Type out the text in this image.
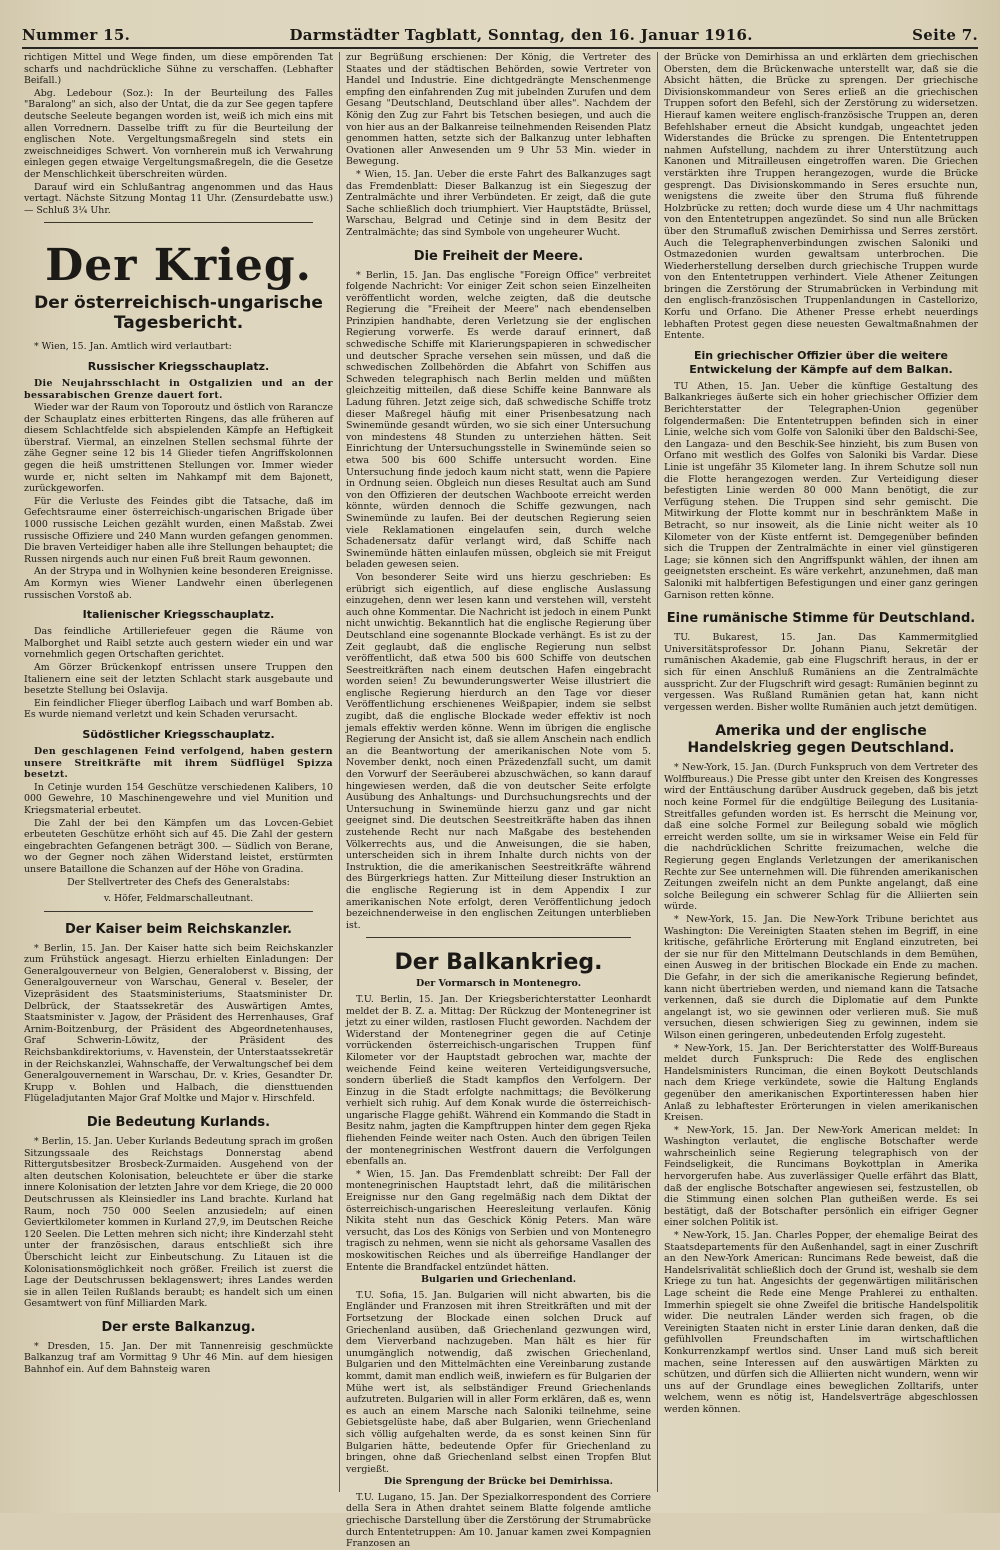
Nummer 15.	Darmstädter Tagblatt, Sonntag, den 16. Januar 1916.	Seite 7.

richtigen Mittel und Wege finden, um diese empörenden Tat scharfs und nachdrückliche Sühne zu verschaffen. (Lebhafter Beifall.)

Abg. Ledebour (Soz.): In der Beurteilung des Falles "Baralong" an sich, also der Untat, die da zur See gegen tapfere deutsche Seeleute begangen worden ist, weiß ich mich eins mit allen Vorrednern. Dasselbe trifft zu für die Beurteilung der englischen Note. Vergeltungsmaßregeln sind stets ein zweischneidiges Schwert. Von vornherein muß ich Verwahrung einlegen gegen etwaige Vergeltungsmaßregeln, die die Gesetze der Menschlichkeit überschreiten würden.

Darauf wird ein Schlußantrag angenommen und das Haus vertagt. Nächste Sitzung Montag 11 Uhr. (Zensurdebatte usw.) — Schluß 3¼ Uhr.

Der Krieg.
Der österreichisch-ungarische Tagesbericht.

* Wien, 15. Jan. Amtlich wird verlautbart:

Russischer Kriegsschauplatz.

Die Neujahrsschlacht in Ostgalizien und an der bessarabischen Grenze dauert fort.

Wieder war der Raum von Toporoutz und östlich von Rarancze der Schauplatz eines erbitterten Ringens, das alle früheren auf diesem Schlachtfelde sich abspielenden Kämpfe an Heftigkeit überstraf. Viermal, an einzelnen Stellen sechsmal führte der zähe Gegner seine 12 bis 14 Glieder tiefen Angriffskolonnen gegen die heiß umstrittenen Stellungen vor. Immer wieder wurde er, nicht selten im Nahkampf mit dem Bajonett, zurückgeworfen.

Für die Verluste des Feindes gibt die Tatsache, daß im Gefechtsraume einer österreichisch-ungarischen Brigade über 1000 russische Leichen gezählt wurden, einen Maßstab. Zwei russische Offiziere und 240 Mann wurden gefangen genommen. Die braven Verteidiger haben alle ihre Stellungen behauptet; die Russen nirgends auch nur einen Fuß breit Raum gewonnen.

An der Strypa und in Wolhynien keine besonderen Ereignisse. Am Kormyn wies Wiener Landwehr einen überlegenen russischen Vorstoß ab.

Italienischer Kriegsschauplatz.

Das feindliche Artilleriefeuer gegen die Räume von Malborghet und Raibl setzte auch gestern wieder ein und war vornehmlich gegen Ortschaften gerichtet.

Am Görzer Brückenkopf entrissen unsere Truppen den Italienern eine seit der letzten Schlacht stark ausgebaute und besetzte Stellung bei Oslavija.

Ein feindlicher Flieger überflog Laibach und warf Bomben ab. Es wurde niemand verletzt und kein Schaden verursacht.

Südöstlicher Kriegsschauplatz.

Den geschlagenen Feind verfolgend, haben gestern unsere Streitkräfte mit ihrem Südflügel Spizza besetzt.

In Cetinje wurden 154 Geschütze verschiedenen Kalibers, 10 000 Gewehre, 10 Maschinengewehre und viel Munition und Kriegsmaterial erbeutet.

Die Zahl der bei den Kämpfen um das Lovcen-Gebiet erbeuteten Geschütze erhöht sich auf 45. Die Zahl der gestern eingebrachten Gefangenen beträgt 300. — Südlich von Berane, wo der Gegner noch zähen Widerstand leistet, erstürmten unsere Bataillone die Schanzen auf der Höhe von Gradina.

Der Stellvertreter des Chefs des Generalstabs:
v. Höfer, Feldmarschalleutnant.
Der Kaiser beim Reichskanzler.

* Berlin, 15. Jan. Der Kaiser hatte sich beim Reichskanzler zum Frühstück angesagt. Hierzu erhielten Einladungen: Der Generalgouverneur von Belgien, Generaloberst v. Bissing, der Generalgouverneur von Warschau, General v. Beseler, der Vizepräsident des Staatsministeriums, Staatsminister Dr. Delbrück, der Staatssekretär des Auswärtigen Amtes, Staatsminister v. Jagow, der Präsident des Herrenhauses, Graf Arnim-Boitzenburg, der Präsident des Abgeordnetenhauses, Graf Schwerin-Löwitz, der Präsident des Reichsbankdirektoriums, v. Havenstein, der Unterstaatssekretär in der Reichskanzlei, Wahnschaffe, der Verwaltungschef bei dem Generalgouvernement in Warschau, Dr. v. Kries, Gesandter Dr. Krupp v. Bohlen und Halbach, die diensttuenden Flügeladjutanten Major Graf Moltke und Major v. Hirschfeld.

Die Bedeutung Kurlands.

* Berlin, 15. Jan. Ueber Kurlands Bedeutung sprach im großen Sitzungssaale des Reichstags Donnerstag abend Rittergutsbesitzer Brosbeck-Zurmaiden. Ausgehend von der alten deutschen Kolonisation, beleuchtete er über die starke innere Kolonisation der letzten Jahre vor dem Kriege, die 20 000 Deutschrussen als Kleinsiedler ins Land brachte. Kurland hat Raum, noch 750 000 Seelen anzusiedeln; auf einen Geviertkilometer kommen in Kurland 27,9, im Deutschen Reiche 120 Seelen. Die Letten mehren sich nicht; ihre Kinderzahl steht unter der französischen, daraus entschließt sich ihre Überschicht leicht zur Einbeutschung. Zu Litauen ist die Kolonisationsmöglichkeit noch größer. Freilich ist zuerst die Lage der Deutschrussen beklagenswert; ihres Landes werden sie in allen Teilen Rußlands beraubt; es handelt sich um einen Gesamtwert von fünf Milliarden Mark.

Der erste Balkanzug.

* Dresden, 15. Jan. Der mit Tannenreisig geschmückte Balkanzug traf am Vormittag 9 Uhr 46 Min. auf dem hiesigen Bahnhof ein. Auf dem Bahnsteig waren

zur Begrüßung erschienen: Der König, die Vertreter des Staates und der städtischen Behörden, sowie Vertreter von Handel und Industrie. Eine dichtgedrängte Menschenmenge empfing den einfahrenden Zug mit jubelnden Zurufen und dem Gesang "Deutschland, Deutschland über alles". Nachdem der König den Zug zur Fahrt bis Tetschen besiegen, und auch die von hier aus an der Balkanreise teilnehmenden Reisenden Platz genommen hatten, setzte sich der Balkanzug unter lebhaften Ovationen aller Anwesenden um 9 Uhr 53 Min. wieder in Bewegung.

* Wien, 15. Jan. Ueber die erste Fahrt des Balkanzuges sagt das Fremdenblatt: Dieser Balkanzug ist ein Siegeszug der Zentralmächte und ihrer Verbündeten. Er zeigt, daß die gute Sache schließlich doch triumphiert. Vier Hauptstädte, Brüssel, Warschau, Belgrad und Cetinje sind in dem Besitz der Zentralmächte; das sind Symbole von ungeheurer Wucht.

Die Freiheit der Meere.

* Berlin, 15. Jan. Das englische "Foreign Office" verbreitet folgende Nachricht: Vor einiger Zeit schon seien Einzelheiten veröffentlicht worden, welche zeigten, daß die deutsche Regierung die "Freiheit der Meere" nach ebendenselben Prinzipien handhabte, deren Verletzung sie der englischen Regierung vorwerfe. Es werde darauf erinnert, daß schwedische Schiffe mit Klarierungspapieren in schwedischer und deutscher Sprache versehen sein müssen, und daß die schwedischen Zollbehörden die Abfahrt von Schiffen aus Schweden telegraphisch nach Berlin melden und müßten gleichzeitig mitteilen, daß diese Schiffe keine Bannware als Ladung führen. Jetzt zeige sich, daß schwedische Schiffe trotz dieser Maßregel häufig mit einer Prisenbesatzung nach Swinemünde gesandt würden, wo sie sich einer Untersuchung von mindestens 48 Stunden zu unterziehen hätten. Seit Einrichtung der Untersuchungsstelle in Swinemünde seien so etwa 500 bis 600 Schiffe untersucht worden. Eine Untersuchung finde jedoch kaum nicht statt, wenn die Papiere in Ordnung seien. Obgleich nun dieses Resultat auch am Sund von den Offizieren der deutschen Wachboote erreicht werden könnte, würden dennoch die Schiffe gezwungen, nach Swinemünde zu laufen. Bei der deutschen Regierung seien viele Reklamationen eingelaufen sein, durch welche Schadenersatz dafür verlangt wird, daß Schiffe nach Swinemünde hätten einlaufen müssen, obgleich sie mit Freigut beladen gewesen seien.

Von besonderer Seite wird uns hierzu geschrieben: Es erübrigt sich eigentlich, auf diese englische Auslassung einzugehen, denn wer lesen kann und verstehen will, versteht auch ohne Kommentar. Die Nachricht ist jedoch in einem Punkt nicht unwichtig. Bekanntlich hat die englische Regierung über Deutschland eine sogenannte Blockade verhängt. Es ist zu der Zeit geglaubt, daß die englische Regierung nun selbst veröffentlicht, daß etwa 500 bis 600 Schiffe von deutschen Seestreitkräften nach einem deutschen Hafen eingebracht worden seien! Zu bewunderungswerter Weise illustriert die englische Regierung hierdurch an den Tage vor dieser Veröffentlichung erschienenes Weißpapier, indem sie selbst zugibt, daß die englische Blockade weder effektiv ist noch jemals effektiv werden könne. Wenn im übrigen die englische Regierung der Ansicht ist, daß sie allem Anschein nach endlich an die Beantwortung der amerikanischen Note vom 5. November denkt, noch einen Präzedenzfall sucht, um damit den Vorwurf der Seeräuberei abzuschwächen, so kann darauf hingewiesen werden, daß die von deutscher Seite erfolgte Ausübung des Anhaltungs- und Durchsuchungsrechts und der Untersuchung in Swinemünde hierzu ganz und gar nicht geeignet sind. Die deutschen Seestreitkräfte haben das ihnen zustehende Recht nur nach Maßgabe des bestehenden Völkerrechts aus, und die Anweisungen, die sie haben, unterscheiden sich in ihrem Inhalte durch nichts von der Instruktion, die die amerikanischen Seestreitkräfte während des Bürgerkriegs hatten. Zur Mitteilung dieser Instruktion an die englische Regierung ist in dem Appendix I zur amerikanischen Note erfolgt, deren Veröffentlichung jedoch bezeichnenderweise in den englischen Zeitungen unterblieben ist.

Der Balkankrieg.
Der Vormarsch in Montenegro.

T.U. Berlin, 15. Jan. Der Kriegsberichterstatter Leonhardt meldet der B. Z. a. Mittag: Der Rückzug der Montenegriner ist jetzt zu einer wilden, rastlosen Flucht geworden. Nachdem der Widerstand der Montenegriner gegen die auf Cetinje vorrückenden österreichisch-ungarischen Truppen fünf Kilometer vor der Hauptstadt gebrochen war, machte der weichende Feind keine weiteren Verteidigungsversuche, sondern überließ die Stadt kampflos den Verfolgern. Der Einzug in die Stadt erfolgte nachmittags; die Bevölkerung verhielt sich ruhig. Auf dem Konak wurde die österreichisch-ungarische Flagge gehißt. Während ein Kommando die Stadt in Besitz nahm, jagten die Kampftruppen hinter dem gegen Rjeka fliehenden Feinde weiter nach Osten. Auch den übrigen Teilen der montenegrinischen Westfront dauern die Verfolgungen ebenfalls an.

* Wien, 15. Jan. Das Fremdenblatt schreibt: Der Fall der montenegrinischen Hauptstadt lehrt, daß die militärischen Ereignisse nur den Gang regelmäßig nach dem Diktat der österreichisch-ungarischen Heeresleitung verlaufen. König Nikita steht nun das Geschick König Peters. Man wäre versucht, das Los des Königs von Serbien und von Montenegro tragisch zu nehmen, wenn sie nicht als gehorsame Vasallen des moskowitischen Reiches und als überreifige Handlanger der Entente die Brandfackel entzündet hätten.

Bulgarien und Griechenland.

T.U. Sofia, 15. Jan. Bulgarien will nicht abwarten, bis die Engländer und Franzosen mit ihren Streitkräften und mit der Fortsetzung der Blockade einen solchen Druck auf Griechenland ausüben, daß Griechenland gezwungen wird, dem Vierverband nachzugeben. Man hält es hier für unumgänglich notwendig, daß zwischen Griechenland, Bulgarien und den Mittelmächten eine Vereinbarung zustande kommt, damit man endlich weiß, inwiefern es für Bulgarien der Mühe wert ist, als selbständiger Freund Griechenlands aufzutreten. Bulgarien will in aller Form erklären, daß es, wenn es auch an einem Marsche nach Saloniki teilnehme, seine Gebietsgelüste habe, daß aber Bulgarien, wenn Griechenland sich völlig aufgehalten werde, da es sonst keinen Sinn für Bulgarien hätte, bedeutende Opfer für Griechenland zu bringen, ohne daß Griechenland selbst einen Tropfen Blut vergießt.

Die Sprengung der Brücke bei Demirhissa.

T.U. Lugano, 15. Jan. Der Spezialkorrespondent des Corriere della Sera in Athen drahtet seinem Blatte folgende amtliche griechische Darstellung über die Zerstörung der Strumabrücke durch Ententetruppen: Am 10. Januar kamen zwei Kompagnien Franzosen an

der Brücke von Demirhissa an und erklärten dem griechischen Obersten, dem die Brückenwache unterstellt war, daß sie die Absicht hätten, die Brücke zu sprengen. Der griechische Divisionskommandeur von Seres erließ an die griechischen Truppen sofort den Befehl, sich der Zerstörung zu widersetzen. Hierauf kamen weitere englisch-französische Truppen an, deren Befehlshaber erneut die Absicht kundgab, ungeachtet jeden Widerstandes die Brücke zu sprengen. Die Ententetruppen nahmen Aufstellung, nachdem zu ihrer Unterstützung auch Kanonen und Mitrailleusen eingetroffen waren. Die Griechen verstärkten ihre Truppen herangezogen, wurde die Brücke gesprengt. Das Divisionskommando in Seres ersuchte nun, wenigstens die zweite über den Struma fluß führende Holzbrücke zu retten; doch wurde diese um 4 Uhr nachmittags von den Ententetruppen angezündet. So sind nun alle Brücken über den Strumafluß zwischen Demirhissa und Serres zerstört. Auch die Telegraphenverbindungen zwischen Saloniki und Ostmazedonien wurden gewaltsam unterbrochen. Die Wiederherstellung derselben durch griechische Truppen wurde von den Ententetruppen verhindert. Viele Athener Zeitungen bringen die Zerstörung der Strumabrücken in Verbindung mit den englisch-französischen Truppenlandungen in Castellorizo, Korfu und Orfano. Die Athener Presse erhebt neuerdings lebhaften Protest gegen diese neuesten Gewaltmaßnahmen der Entente.

Ein griechischer Offizier über die weitere Entwickelung der Kämpfe auf dem Balkan.

TU Athen, 15. Jan. Ueber die künftige Gestaltung des Balkankrieges äußerte sich ein hoher griechischer Offizier dem Berichterstatter der Telegraphen-Union gegenüber folgendermaßen: Die Ententetruppen befinden sich in einer Linie, welche sich vom Golfe von Saloniki über den Baldschi-See, den Langaza- und den Beschik-See hinzieht, bis zum Busen von Orfano mit westlich des Golfes von Saloniki bis Vardar. Diese Linie ist ungefähr 35 Kilometer lang. In ihrem Schutze soll nun die Flotte herangezogen werden. Zur Verteidigung dieser befestigten Linie werden 80 000 Mann benötigt, die zur Verfügung stehen. Die Truppen sind sehr gemischt. Die Mitwirkung der Flotte kommt nur in beschränktem Maße in Betracht, so nur insoweit, als die Linie nicht weiter als 10 Kilometer von der Küste entfernt ist. Demgegenüber befinden sich die Truppen der Zentralmächte in einer viel günstigeren Lage; sie können sich den Angriffspunkt wählen, der ihnen am geeignetsten erscheint. Es wäre verkehrt, anzunehmen, daß man Saloniki mit halbfertigen Befestigungen und einer ganz geringen Garnison retten könne.

Eine rumänische Stimme für Deutschland.

TU. Bukarest, 15. Jan. Das Kammermitglied Universitätsprofessor Dr. Johann Pianu, Sekretär der rumänischen Akademie, gab eine Flugschrift heraus, in der er sich für einen Anschluß Rumäniens an die Zentralmächte ausspricht. Zur der Flugschrift wird gesagt: Rumänien beginnt zu vergessen. Was Rußland Rumänien getan hat, kann nicht vergessen werden. Bisher wollte Rumänien auch jetzt demütigen.

Amerika und der englische Handelskrieg gegen Deutschland.

* New-York, 15. Jan. (Durch Funkspruch von dem Vertreter des Wolffbureaus.) Die Presse gibt unter den Kreisen des Kongresses wird der Enttäuschung darüber Ausdruck gegeben, daß bis jetzt noch keine Formel für die endgültige Beilegung des Lusitania-Streitfalles gefunden worden ist. Es herrscht die Meinung vor, daß eine solche Formel zur Beilegung sobald wie möglich erreicht werden sollte, um sie in wirksamer Weise ein Feld für die nachdrücklichen Schritte freizumachen, welche die Regierung gegen Englands Verletzungen der amerikanischen Rechte zur See unternehmen will. Die führenden amerikanischen Zeitungen zweifeln nicht an dem Punkte angelangt, daß eine solche Beilegung ein schwerer Schlag für die Alliierten sein würde.

* New-York, 15. Jan. Die New-York Tribune berichtet aus Washington: Die Vereinigten Staaten stehen im Begriff, in eine kritische, gefährliche Erörterung mit England einzutreten, bei der sie nur für den Mittelmann Deutschlands in dem Bemühen, einen Ausweg in der britischen Blockade ein Ende zu machen. Die Gefahr, in der sich die amerikanische Regierung befindet, kann nicht übertrieben werden, und niemand kann die Tatsache verkennen, daß sie durch die Diplomatie auf dem Punkte angelangt ist, wo sie gewinnen oder verlieren muß. Sie muß versuchen, diesen schwierigen Sieg zu gewinnen, indem sie Wilson einen geringeren, unbedeutenden Erfolg zugesteht.

* New-York, 15. Jan. Der Berichterstatter des Wolff-Bureaus meldet durch Funkspruch: Die Rede des englischen Handelsministers Runciman, die einen Boykott Deutschlands nach dem Kriege verkündete, sowie die Haltung Englands gegenüber den amerikanischen Exportinteressen haben hier Anlaß zu lebhaftester Erörterungen in vielen amerikanischen Kreisen.

* New-York, 15. Jan. Der New-York American meldet: In Washington verlautet, die englische Botschafter werde wahrscheinlich seine Regierung telegraphisch von der Feindseligkeit, die Runcimans Boykottplan in Amerika hervorgerufen habe. Aus zuverlässiger Quelle erfährt das Blatt, daß der englische Botschafter angewiesen sei, festzustellen, ob die Stimmung einen solchen Plan gutheißen werde. Es sei bestätigt, daß der Botschafter persönlich ein eifriger Gegner einer solchen Politik ist.

* New-York, 15. Jan. Charles Popper, der ehemalige Beirat des Staatsdepartements für den Außenhandel, sagt in einer Zuschrift an den New-York American: Runcimans Rede beweist, daß die Handelsrivalität schließlich doch der Grund ist, weshalb sie dem Kriege zu tun hat. Angesichts der gegenwärtigen militärischen Lage scheint die Rede eine Menge Prahlerei zu enthalten. Immerhin spiegelt sie ohne Zweifel die britische Handelspolitik wider. Die neutralen Länder werden sich fragen, ob die Vereinigten Staaten nicht in erster Linie daran denken, daß die gefühlvollen Freundschaften im wirtschaftlichen Konkurrenzkampf wertlos sind. Unser Land muß sich bereit machen, seine Interessen auf den auswärtigen Märkten zu schützen, und dürfen sich die Alliierten nicht wundern, wenn wir uns auf der Grundlage eines beweglichen Zolltarifs, unter welchem, wenn es nötig ist, Handelsverträge abgeschlossen werden können.
